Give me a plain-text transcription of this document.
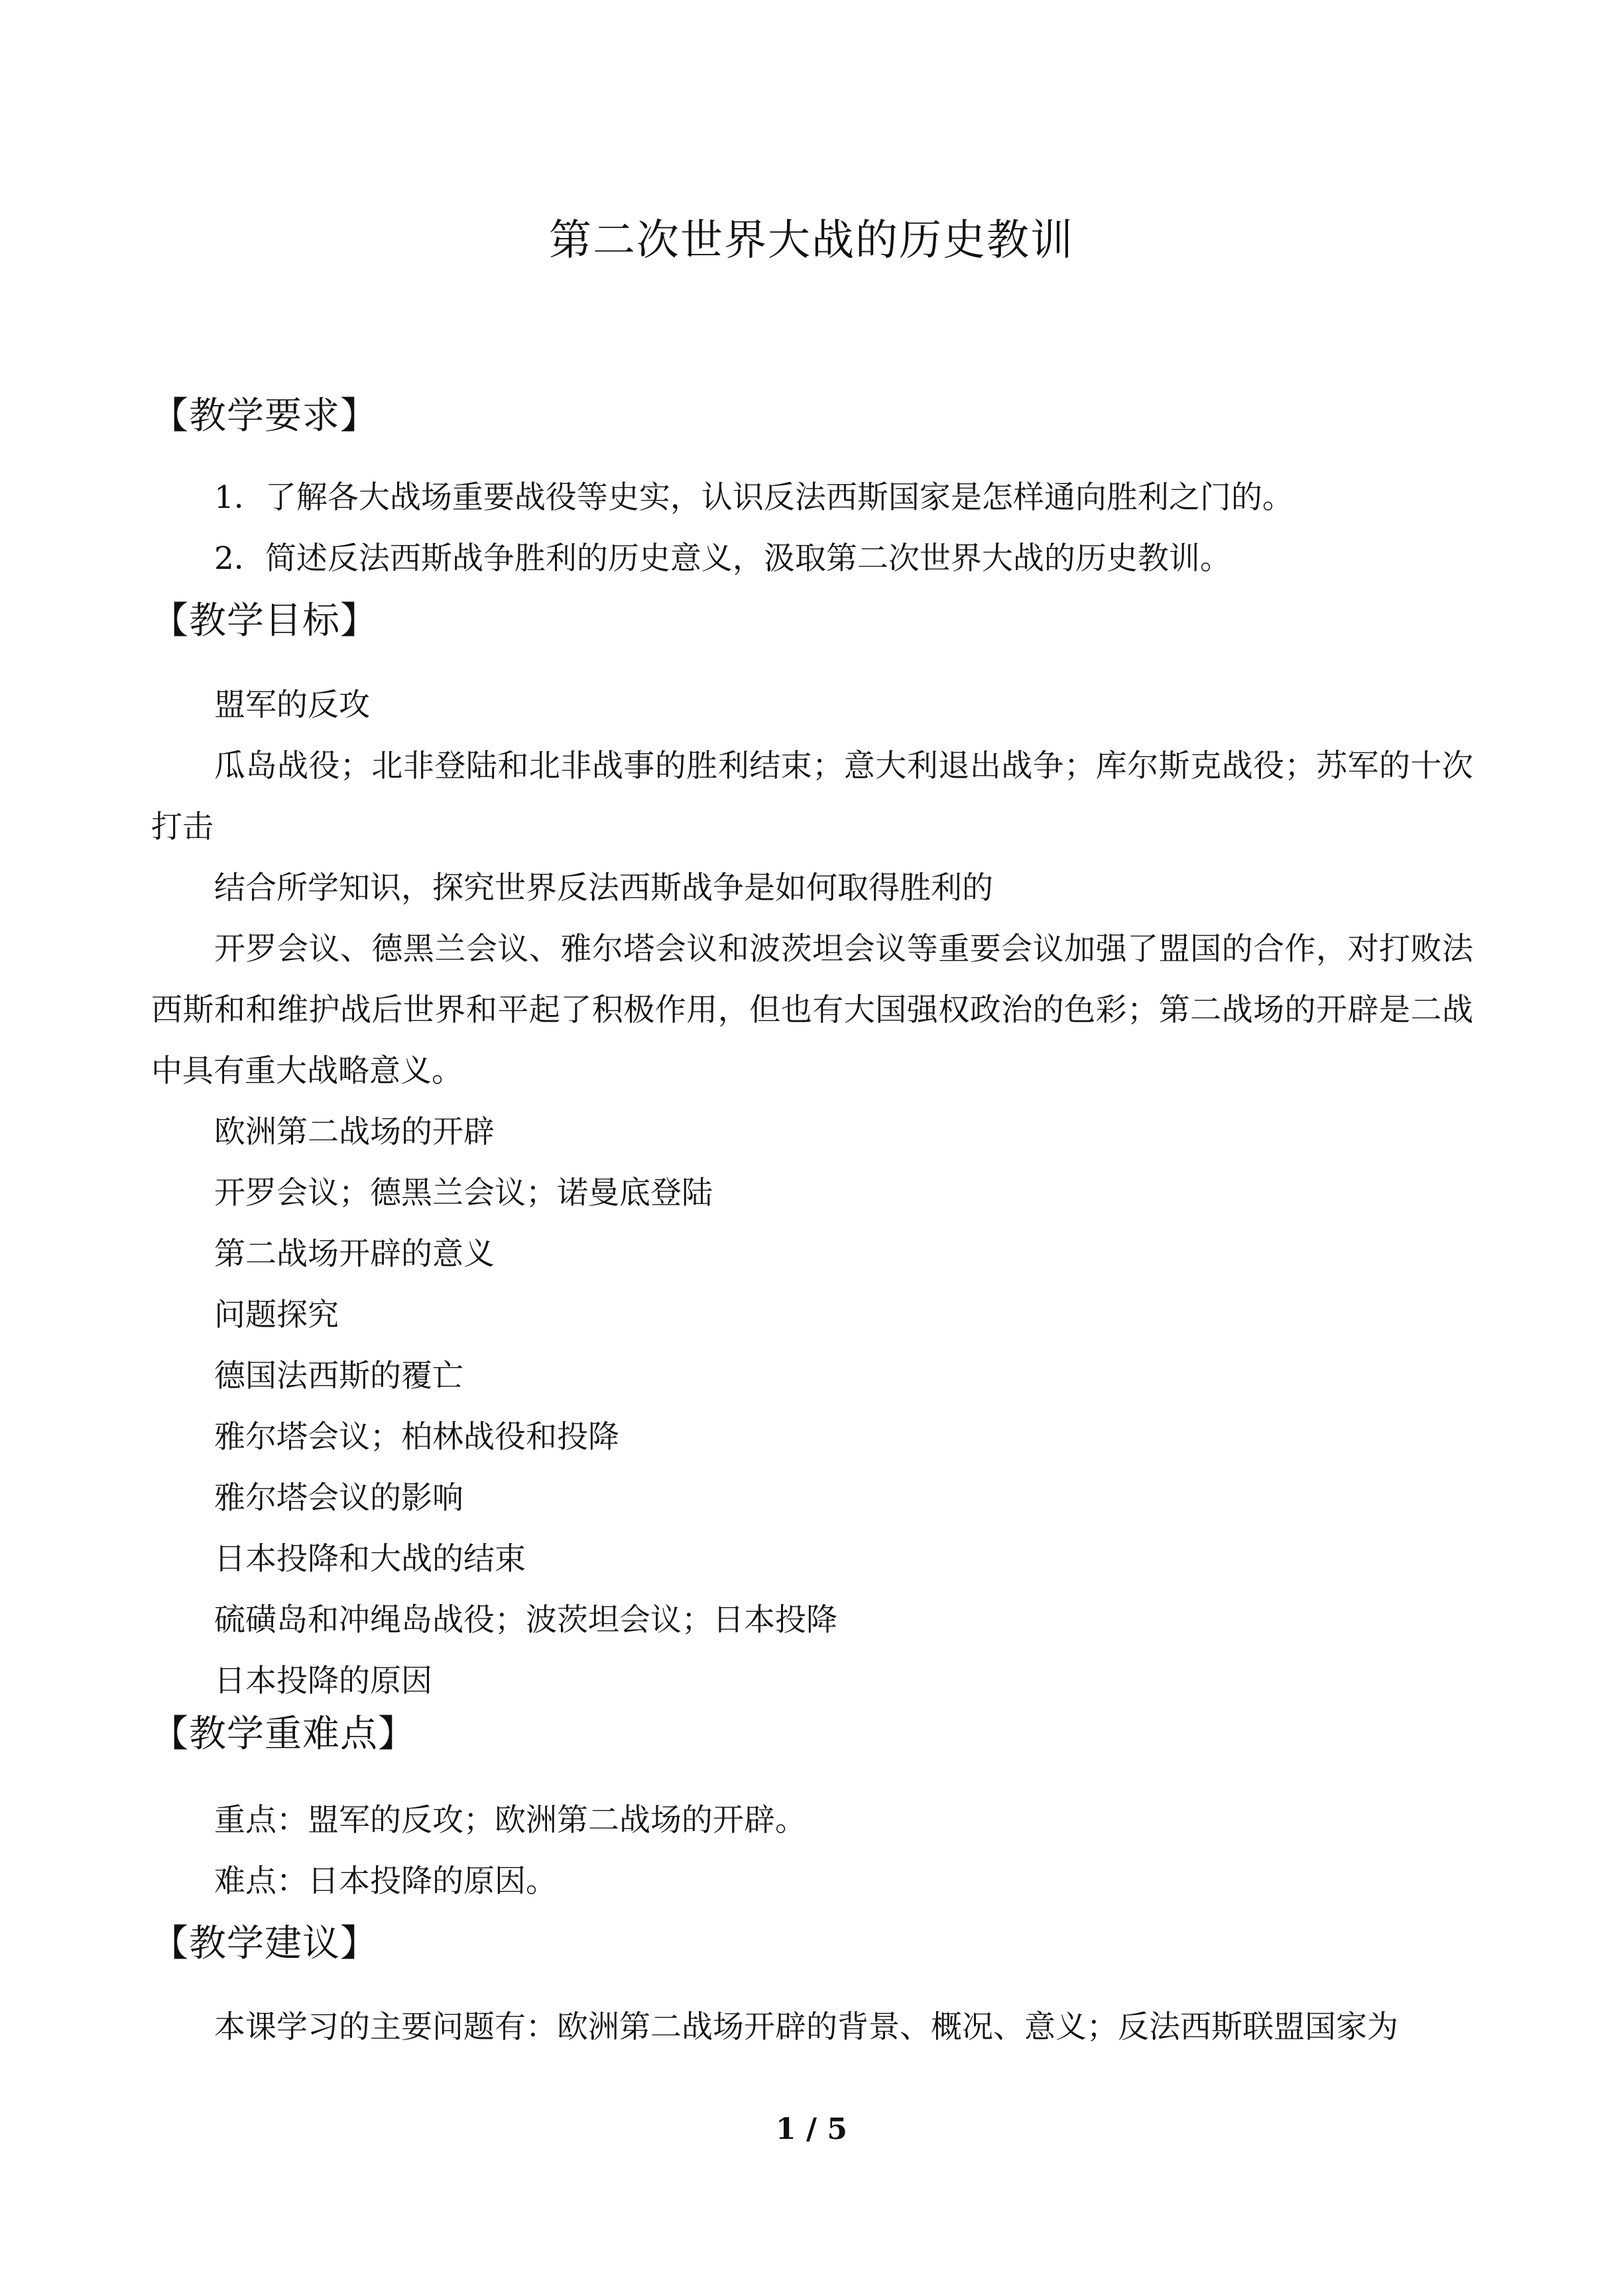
第二次世界大战的历史教训
【教学要求】
1．了解各大战场重要战役等史实，认识反法西斯国家是怎样通向胜利之门的。
2．简述反法西斯战争胜利的历史意义，汲取第二次世界大战的历史教训。
【教学目标】
盟军的反攻
瓜岛战役；北非登陆和北非战事的胜利结束；意大利退出战争；库尔斯克战役；苏军的十次打击
结合所学知识，探究世界反法西斯战争是如何取得胜利的
开罗会议、德黑兰会议、雅尔塔会议和波茨坦会议等重要会议加强了盟国的合作，对打败法西斯和和维护战后世界和平起了积极作用，但也有大国强权政治的色彩；第二战场的开辟是二战中具有重大战略意义。
欧洲第二战场的开辟
开罗会议；德黑兰会议；诺曼底登陆
第二战场开辟的意义
问题探究
德国法西斯的覆亡
雅尔塔会议；柏林战役和投降
雅尔塔会议的影响
日本投降和大战的结束
硫磺岛和冲绳岛战役；波茨坦会议；日本投降
日本投降的原因
【教学重难点】
重点：盟军的反攻；欧洲第二战场的开辟。
难点：日本投降的原因。
【教学建议】
本课学习的主要问题有：欧洲第二战场开辟的背景、概况、意义；反法西斯联盟国家为
1 / 5
